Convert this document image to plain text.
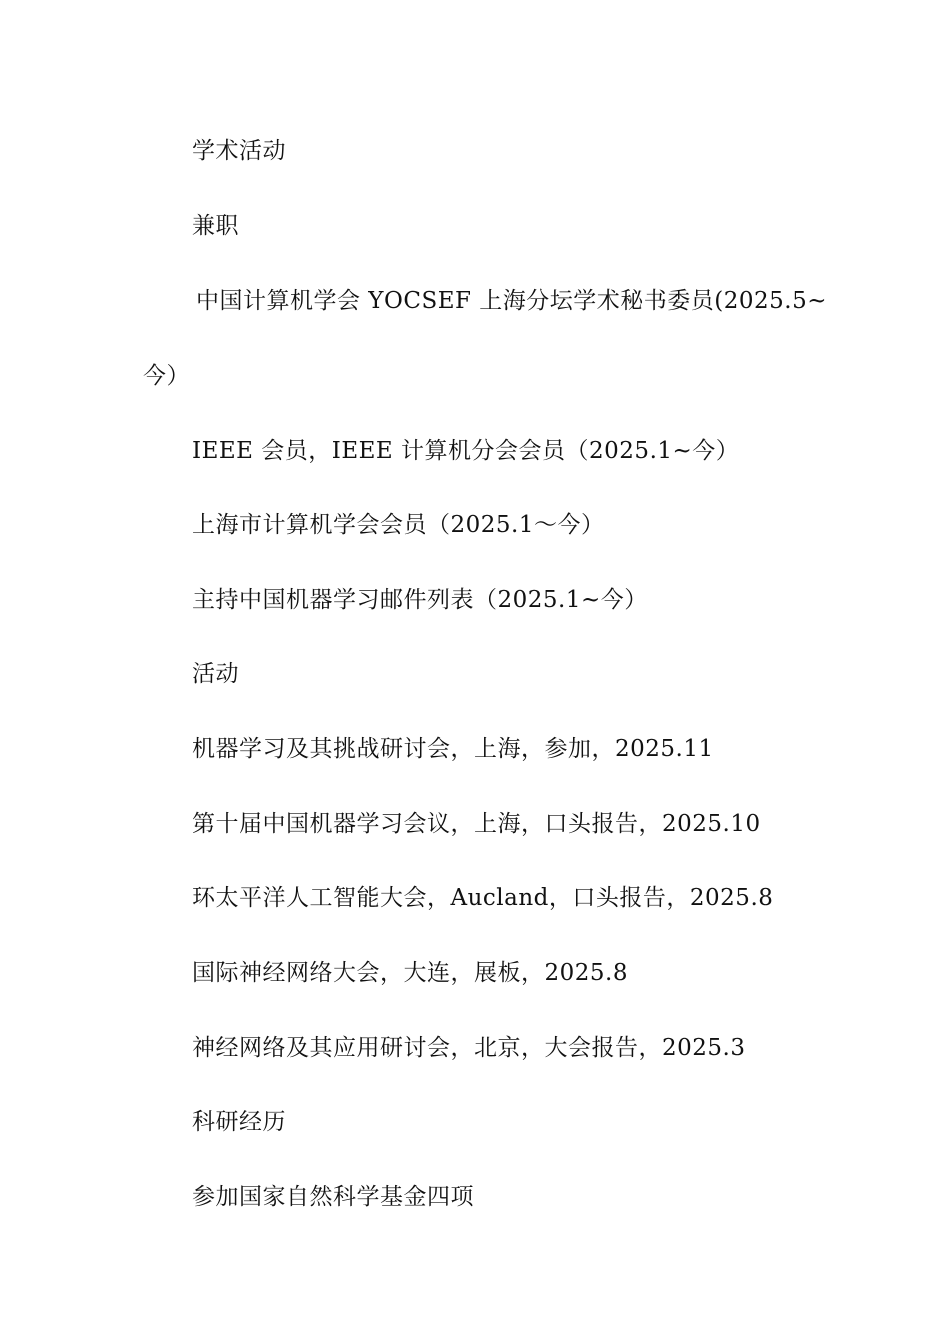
学术活动
兼职
中国计算机学会 YOCSEF 上海分坛学术秘书委员(2025.5~
今）
IEEE 会员，IEEE 计算机分会会员（2025.1~今）
上海市计算机学会会员（2025.1～今）
主持中国机器学习邮件列表（2025.1~今）
活动
机器学习及其挑战研讨会，上海，参加，2025.11
第十届中国机器学习会议，上海，口头报告，2025.10
环太平洋人工智能大会，Aucland，口头报告，2025.8
国际神经网络大会，大连，展板，2025.8
神经网络及其应用研讨会，北京，大会报告，2025.3
科研经历
参加国家自然科学基金四项
